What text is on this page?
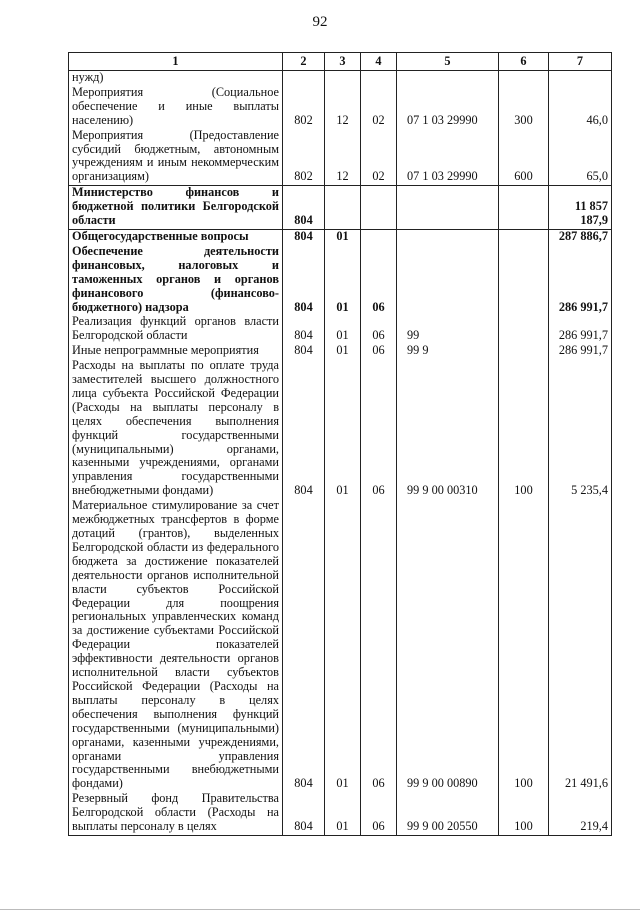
92
1	2	3	4	5	6	7
нужд)						
Мероприятия (Социальное обеспечение и иные выплаты населению)	802	12	02	07 1 03 29990	300	46,0
Мероприятия (Предоставление субсидий бюджетным, автономным учреждениям и иным некоммерческим организациям)	802	12	02	07 1 03 29990	600	65,0
Министерство финансов и бюджетной политики Белгородской области	804					11 857 187,9
Общегосударственные вопросы	804	01				287 886,7
Обеспечение деятельности финансовых, налоговых и таможенных органов и органов финансового (финансово-бюджетного) надзора	804	01	06			286 991,7
Реализация функций органов власти Белгородской области	804	01	06	99		286 991,7
Иные непрограммные мероприятия	804	01	06	99 9		286 991,7
Расходы на выплаты по оплате труда заместителей высшего должностного лица субъекта Российской Федерации (Расходы на выплаты персоналу в целях обеспечения выполнения функций государственными (муниципальными) органами, казенными учреждениями, органами управления государственными внебюджетными фондами)	804	01	06	99 9 00 00310	100	5 235,4
Материальное стимулирование за счет межбюджетных трансфертов в форме дотаций (грантов), выделенных Белгородской области из федерального бюджета за достижение показателей деятельности органов исполнительной власти субъектов Российской Федерации для поощрения региональных управленческих команд за достижение субъектами Российской Федерации показателей эффективности деятельности органов исполнительной власти субъектов Российской Федерации (Расходы на выплаты персоналу в целях обеспечения выполнения функций государственными (муниципальными) органами, казенными учреждениями, органами управления государственными внебюджетными фондами)	804	01	06	99 9 00 00890	100	21 491,6
Резервный фонд Правительства Белгородской области (Расходы на выплаты персоналу в целях	804	01	06	99 9 00 20550	100	219,4
